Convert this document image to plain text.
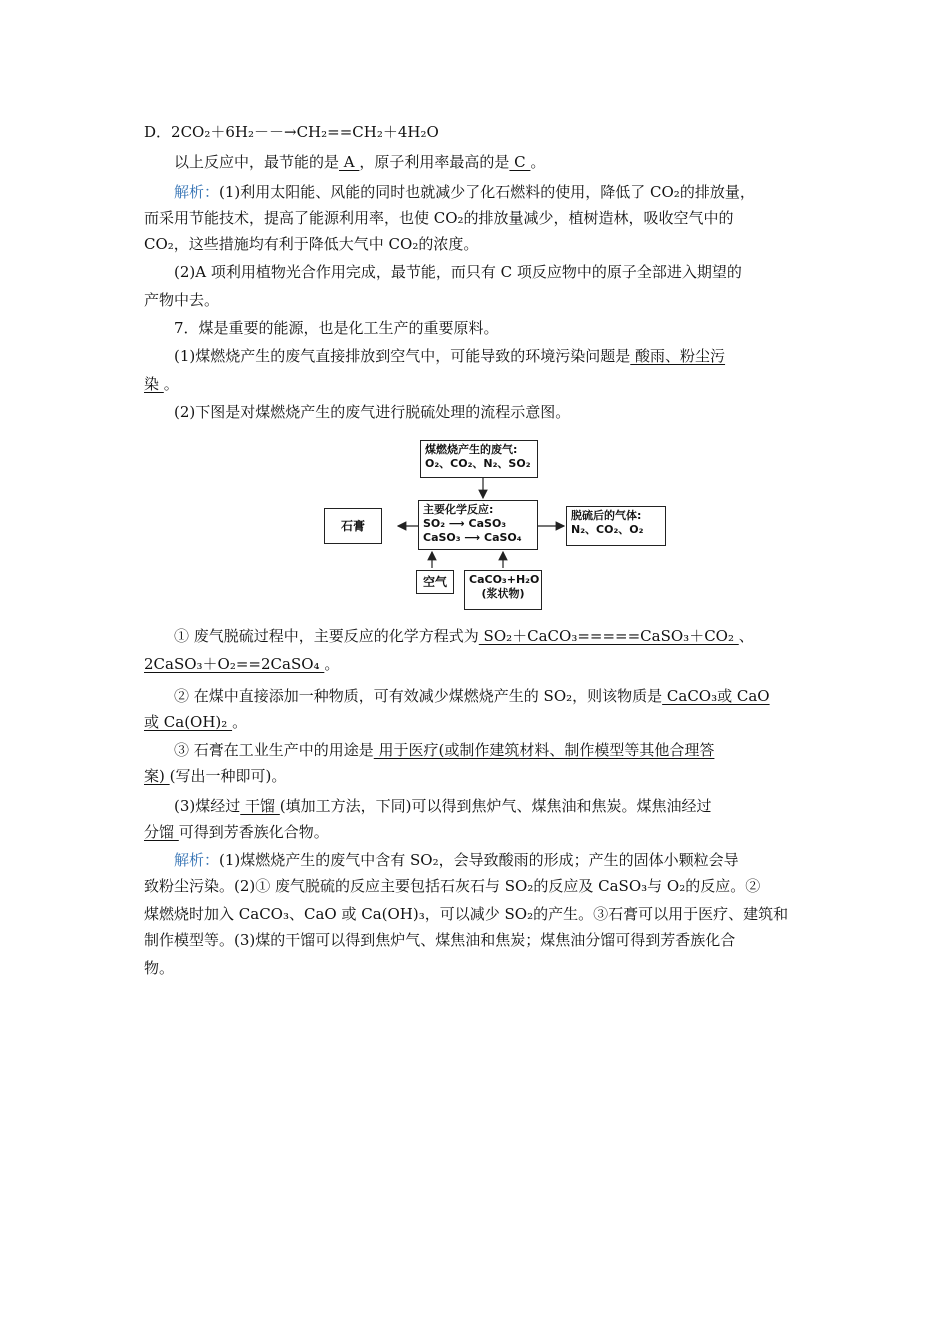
D．2CO₂＋6H₂－－→CH₂==CH₂＋4H₂O
以上反应中，最节能的是 A ，原子利用率最高的是 C 。
解析：(1)利用太阳能、风能的同时也就减少了化石燃料的使用，降低了 CO₂的排放量，
而采用节能技术，提高了能源利用率，也使 CO₂的排放量减少，植树造林，吸收空气中的
CO₂，这些措施均有利于降低大气中 CO₂的浓度。
(2)A 项利用植物光合作用完成，最节能，而只有 C 项反应物中的原子全部进入期望的
产物中去。
7．煤是重要的能源，也是化工生产的重要原料。
(1)煤燃烧产生的废气直接排放到空气中，可能导致的环境污染问题是 酸雨、粉尘污
染 。
(2)下图是对煤燃烧产生的废气进行脱硫处理的流程示意图。
① 废气脱硫过程中，主要反应的化学方程式为 SO₂＋CaCO₃=====CaSO₃＋CO₂ 、
2CaSO₃＋O₂==2CaSO₄ 。
② 在煤中直接添加一种物质，可有效减少煤燃烧产生的 SO₂，则该物质是 CaCO₃或 CaO
或 Ca(OH)₂ 。
③ 石膏在工业生产中的用途是 用于医疗(或制作建筑材料、制作模型等其他合理答
案) (写出一种即可)。
(3)煤经过 干馏 (填加工方法，下同)可以得到焦炉气、煤焦油和焦炭。煤焦油经过
分馏 可得到芳香族化合物。
解析：(1)煤燃烧产生的废气中含有 SO₂，会导致酸雨的形成；产生的固体小颗粒会导
致粉尘污染。(2)① 废气脱硫的反应主要包括石灰石与 SO₂的反应及 CaSO₃与 O₂的反应。②
煤燃烧时加入 CaCO₃、CaO 或 Ca(OH)₃，可以减少 SO₂的产生。③石膏可以用于医疗、建筑和
制作模型等。(3)煤的干馏可以得到焦炉气、煤焦油和焦炭；煤焦油分馏可得到芳香族化合
物。
煤燃烧产生的废气:
O₂、CO₂、N₂、SO₂
主要化学反应:
SO₂ ⟶ CaSO₃
CaSO₃ ⟶ CaSO₄
石膏
脱硫后的气体:
N₂、CO₂、O₂
空气	CaCO₃+H₂O
(浆状物)
